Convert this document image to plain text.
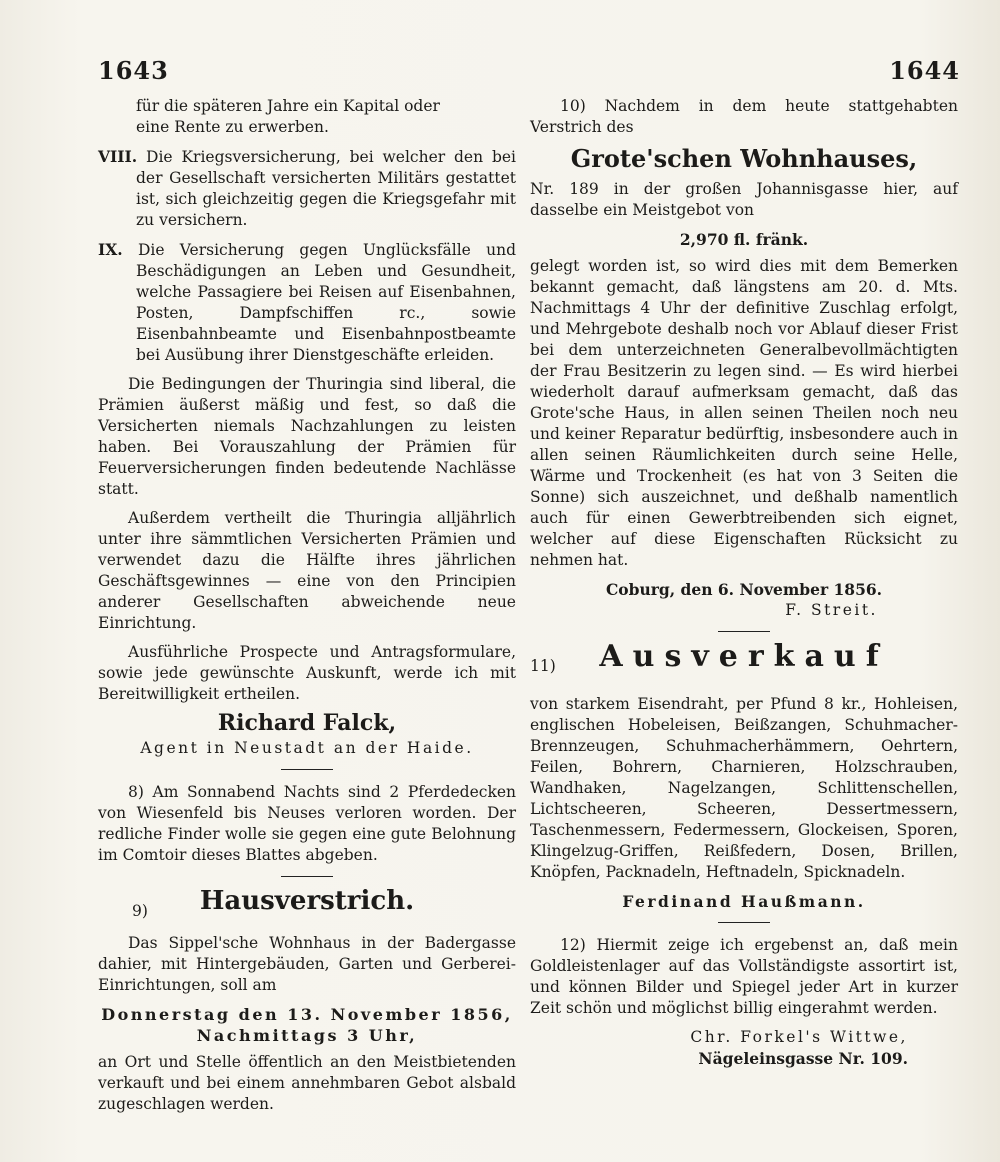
1643	1644
für die späteren Jahre ein Kapital oder

eine Rente zu erwerben.

VIII. Die Kriegsversicherung, bei welcher den bei der Gesellschaft versicherten Militärs gestattet ist, sich gleichzeitig gegen die Kriegsgefahr mit zu versichern.

IX. Die Versicherung gegen Unglücksfälle und Beschädigungen an Leben und Gesundheit, welche Passagiere bei Reisen auf Eisenbahnen, Posten, Dampfschiffen rc., sowie Eisenbahnbeamte und Eisenbahnpostbeamte bei Ausübung ihrer Dienstgeschäfte erleiden.

Die Bedingungen der Thuringia sind liberal, die Prämien äußerst mäßig und fest, so daß die Versicherten niemals Nachzahlungen zu leisten haben. Bei Vorauszahlung der Prämien für Feuerversicherungen finden bedeutende Nachlässe statt.

Außerdem vertheilt die Thuringia alljährlich unter ihre sämmtlichen Versicherten Prämien und verwendet dazu die Hälfte ihres jährlichen Geschäftsgewinnes — eine von den Principien anderer Gesellschaften abweichende neue Einrichtung.

Ausführliche Prospecte und Antragsformulare, sowie jede gewünschte Auskunft, werde ich mit Bereitwilligkeit ertheilen.

Richard Falck,

Agent in Neustadt an der Haide.

8) Am Sonnabend Nachts sind 2 Pferdedecken von Wiesenfeld bis Neuses verloren worden. Der redliche Finder wolle sie gegen eine gute Belohnung im Comtoir dieses Blattes abgeben.

9)	Hausverstrich.

Das Sippel'sche Wohnhaus in der Badergasse dahier, mit Hintergebäuden, Garten und Gerberei-Einrichtungen, soll am

Donnerstag den 13. November 1856,
Nachmittags 3 Uhr,

an Ort und Stelle öffentlich an den Meistbietenden verkauft und bei einem annehmbaren Gebot alsbald zugeschlagen werden.

10) Nachdem in dem heute stattgehabten Verstrich des

Grote'schen Wohnhauses,

Nr. 189 in der großen Johannisgasse hier, auf dasselbe ein Meistgebot von

2,970 fl. fränk.

gelegt worden ist, so wird dies mit dem Bemerken bekannt gemacht, daß längstens am 20. d. Mts. Nachmittags 4 Uhr der definitive Zuschlag erfolgt, und Mehrgebote deshalb noch vor Ablauf dieser Frist bei dem unterzeichneten Generalbevollmächtigten der Frau Besitzerin zu legen sind. — Es wird hierbei wiederholt darauf aufmerksam gemacht, daß das Grote'sche Haus, in allen seinen Theilen noch neu und keiner Reparatur bedürftig, insbesondere auch in allen seinen Räumlichkeiten durch seine Helle, Wärme und Trockenheit (es hat von 3 Seiten die Sonne) sich auszeichnet, und deßhalb namentlich auch für einen Gewerbtreibenden sich eignet, welcher auf diese Eigenschaften Rücksicht zu nehmen hat.

Coburg, den 6. November 1856.
F. Streit.
11)	Ausverkauf

von starkem Eisendraht, per Pfund 8 kr., Hohleisen, englischen Hobeleisen, Beißzangen, Schuhmacher-Brennzeugen, Schuhmacherhämmern, Oehrtern, Feilen, Bohrern, Charnieren, Holzschrauben, Wandhaken, Nagelzangen, Schlittenschellen, Lichtscheeren, Scheeren, Dessertmessern, Taschenmessern, Federmessern, Glockeisen, Sporen, Klingelzug-Griffen, Reißfedern, Dosen, Brillen, Knöpfen, Packnadeln, Heftnadeln, Spicknadeln.

Ferdinand Haußmann.

12) Hiermit zeige ich ergebenst an, daß mein Goldleistenlager auf das Vollständigste assortirt ist, und können Bilder und Spiegel jeder Art in kurzer Zeit schön und möglichst billig eingerahmt werden.

Chr. Forkel's Wittwe,
Nägeleinsgasse Nr. 109.
